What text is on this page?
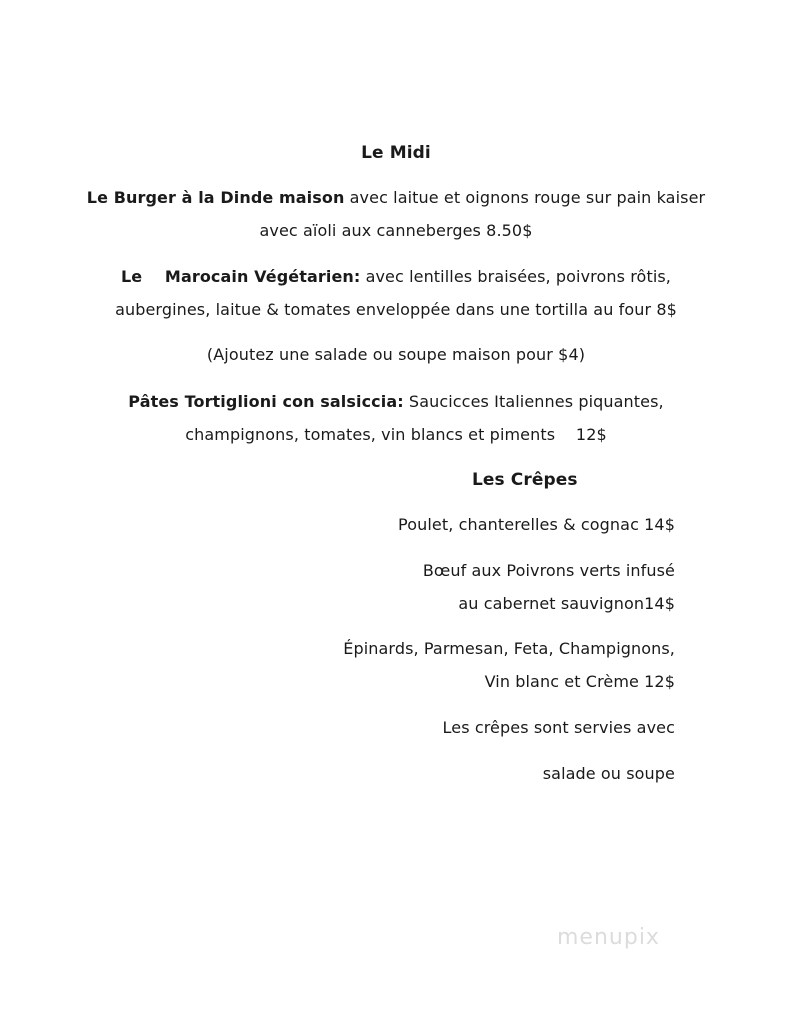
Le Midi
Le Burger à la Dinde maison avec laitue et oignons rouge sur pain kaiser
avec aïoli aux canneberges 8.50$
Le    Marocain Végétarien: avec lentilles braisées, poivrons rôtis,
aubergines, laitue & tomates enveloppée dans une tortilla au four 8$
(Ajoutez une salade ou soupe maison pour $4)
Pâtes Tortiglioni con salsiccia: Saucicces Italiennes piquantes,
champignons, tomates, vin blancs et piments    12$
Les Crêpes
Poulet, chanterelles & cognac 14$
Bœuf aux Poivrons verts infusé
au cabernet sauvignon14$
Épinards, Parmesan, Feta, Champignons,
Vin blanc et Crème 12$
Les crêpes sont servies avec
salade ou soupe
menupix
